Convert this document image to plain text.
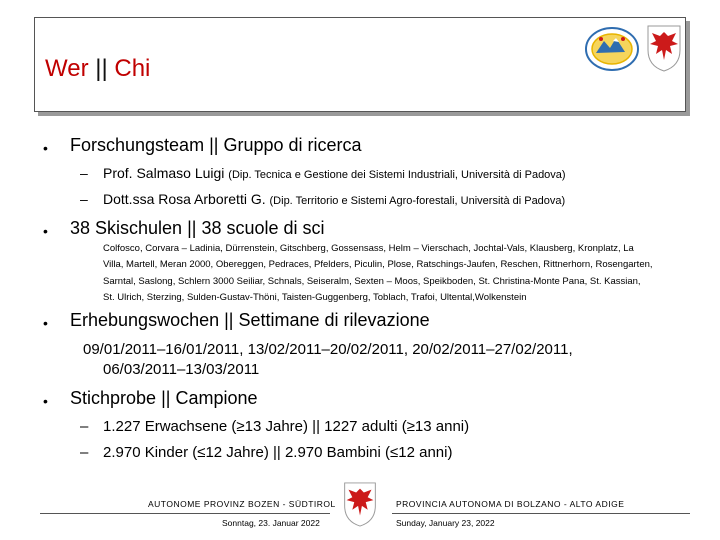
Wer || Chi
• Forschungsteam || Gruppo di ricerca
– Prof. Salmaso Luigi (Dip. Tecnica e Gestione dei Sistemi Industriali, Università di Padova)
– Dott.ssa Rosa Arboretti G. (Dip. Territorio e Sistemi Agro-forestali, Università di Padova)
• 38 Skischulen || 38 scuole di sci
Colfosco, Corvara – Ladinia, Dürrenstein, Gitschberg, Gossensass, Helm – Vierschach, Jochtal-Vals, Klausberg, Kronplatz, La
Villa, Martell, Meran 2000, Obereggen, Pedraces, Pfelders, Piculin, Plose, Ratschings-Jaufen, Reschen, Rittnerhorn, Rosengarten,
Sarntal, Saslong, Schlern 3000 Seiliar, Schnals, Seiseralm, Sexten – Moos, Speikboden, St. Christina-Monte Pana, St. Kassian,
St. Ulrich, Sterzing, Sulden-Gustav-Thöni, Taisten-Guggenberg, Toblach, Trafoi, Ultental,Wolkenstein
• Erhebungswochen || Settimane di rilevazione
09/01/2011–16/01/2011, 13/02/2011–20/02/2011, 20/02/2011–27/02/2011,
06/03/2011–13/03/2011
• Stichprobe || Campione
– 1.227 Erwachsene (≥13 Jahre) || 1227 adulti (≥13 anni)
– 2.970 Kinder (≤12 Jahre) || 2.970 Bambini (≤12 anni)
AUTONOME PROVINZ BOZEN - SÜDTIROL
Sonntag, 23. Januar 2022
PROVINCIA AUTONOMA DI BOLZANO - ALTO ADIGE
Sunday, January 23, 2022
